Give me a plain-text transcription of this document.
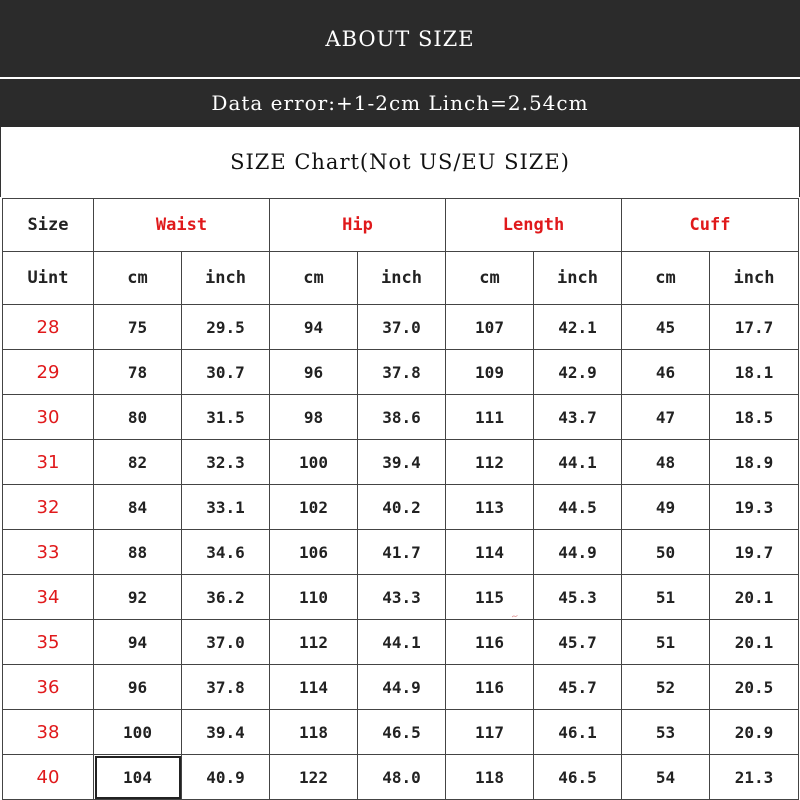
ABOUT SIZE
Data error:+1-2cm Linch=2.54cm
SIZE Chart(Not US/EU SIZE)
Size	Waist		Hip		Length		Cuff	
Uint	cm	inch	cm	inch	cm	inch	cm	inch
28	75	29.5	94	37.0	107	42.1	45	17.7
29	78	30.7	96	37.8	109	42.9	46	18.1
30	80	31.5	98	38.6	111	43.7	47	18.5
31	82	32.3	100	39.4	112	44.1	48	18.9
32	84	33.1	102	40.2	113	44.5	49	19.3
33	88	34.6	106	41.7	114	44.9	50	19.7
34	92	36.2	110	43.3	115	45.3	51	20.1
35	94	37.0	112	44.1	116	45.7	51	20.1
36	96	37.8	114	44.9	116	45.7	52	20.5
38	100	39.4	118	46.5	117	46.1	53	20.9
40	104	40.9	122	48.0	118	46.5	54	21.3
~
